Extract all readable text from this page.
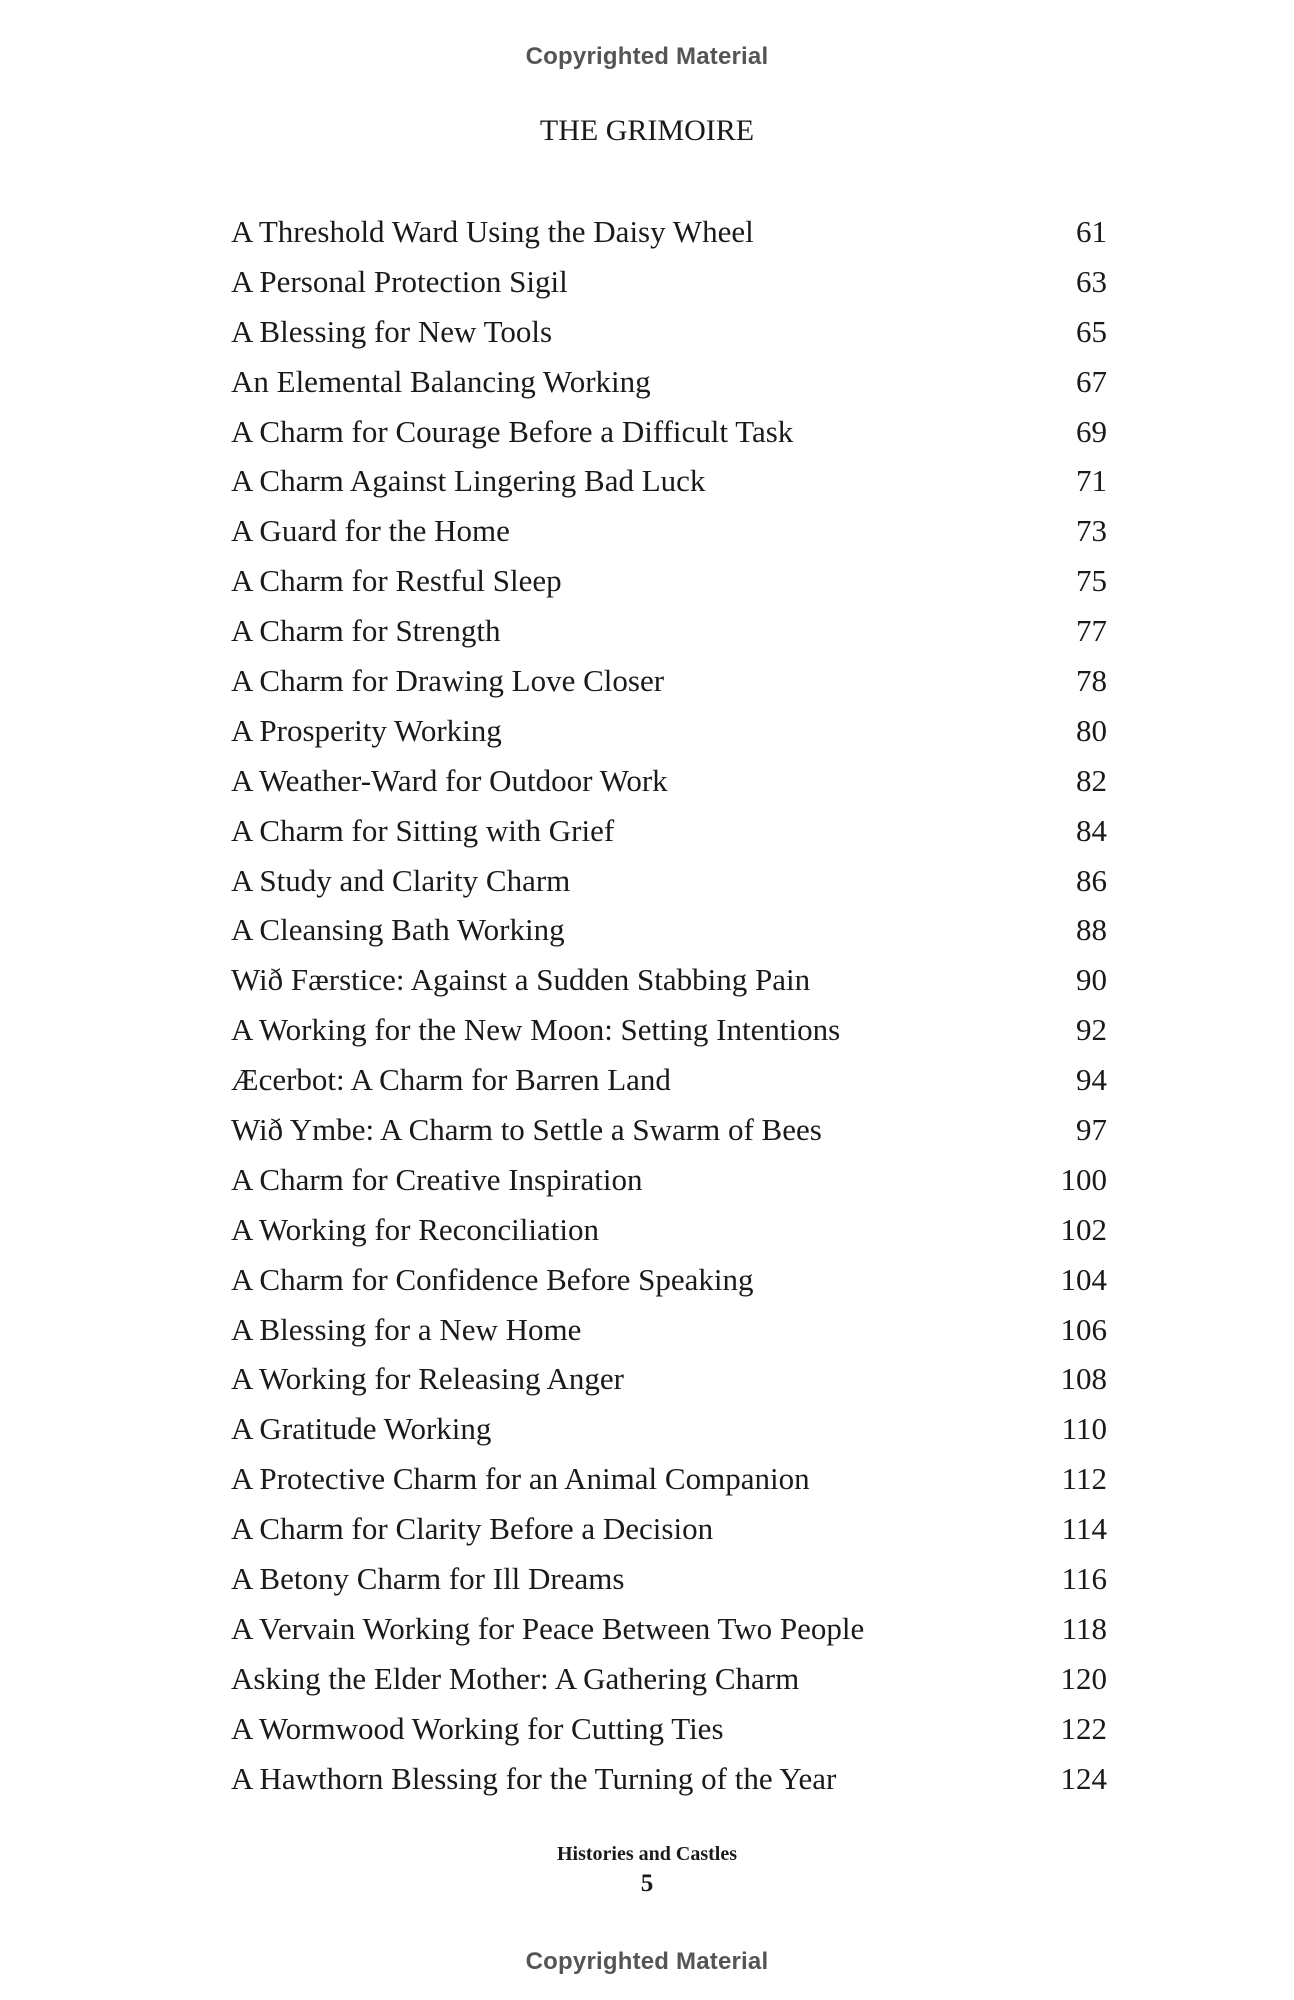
Copyrighted Material
THE GRIMOIRE
A Threshold Ward Using the Daisy Wheel	61
A Personal Protection Sigil	63
A Blessing for New Tools	65
An Elemental Balancing Working	67
A Charm for Courage Before a Difficult Task	69
A Charm Against Lingering Bad Luck	71
A Guard for the Home	73
A Charm for Restful Sleep	75
A Charm for Strength	77
A Charm for Drawing Love Closer	78
A Prosperity Working	80
A Weather-Ward for Outdoor Work	82
A Charm for Sitting with Grief	84
A Study and Clarity Charm	86
A Cleansing Bath Working	88
Wið Færstice: Against a Sudden Stabbing Pain	90
A Working for the New Moon: Setting Intentions	92
Æcerbot: A Charm for Barren Land	94
Wið Ymbe: A Charm to Settle a Swarm of Bees	97
A Charm for Creative Inspiration	100
A Working for Reconciliation	102
A Charm for Confidence Before Speaking	104
A Blessing for a New Home	106
A Working for Releasing Anger	108
A Gratitude Working	110
A Protective Charm for an Animal Companion	112
A Charm for Clarity Before a Decision	114
A Betony Charm for Ill Dreams	116
A Vervain Working for Peace Between Two People	118
Asking the Elder Mother: A Gathering Charm	120
A Wormwood Working for Cutting Ties	122
A Hawthorn Blessing for the Turning of the Year	124
Histories and Castles
5
Copyrighted Material
